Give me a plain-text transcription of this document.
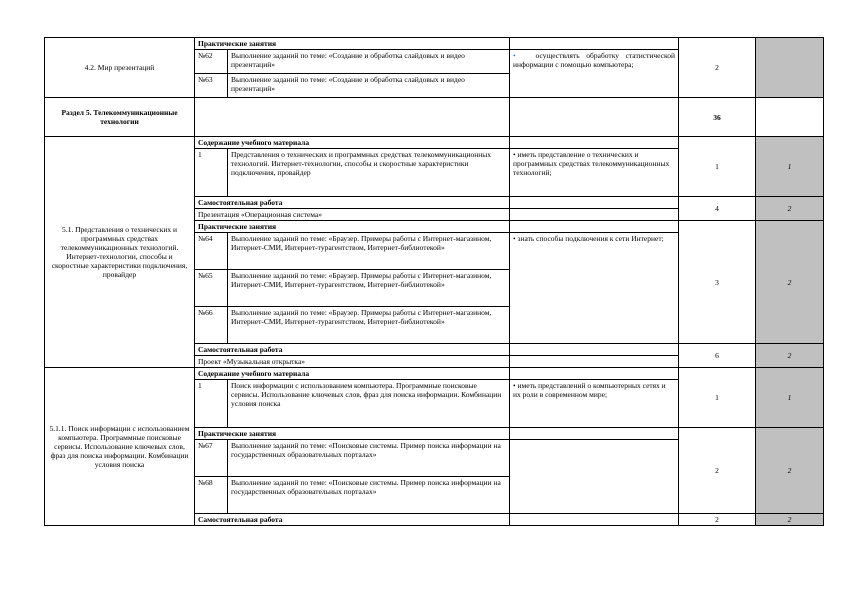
4.2. Мир презентаций	Практические занятия			2	
	№62	Выполнение заданий по теме: «Создание и обработка слайдовых и видео презентаций»	• осуществлять обработку статистической информации с помощью компьютера;		
	№63	Выполнение заданий по теме: «Создание и обработка слайдовых и видео презентаций»			
Раздел 5. Телекоммуникационные технологии				36	
5.1. Представления о технических и программных средствах телекоммуникационных технологий. Интернет-технологии, способы и скоростные характеристики подключения, провайдер	Содержание учебного материала			1	1
	1	Представления о технических и программных средствах телекоммуникационных технологий. Интернет-технологии, способы и скоростные характеристики подключения, провайдер	• иметь представление о технических и программных средствах телекоммуникационных технологий;		
	Самостоятельная работа			4	2
	Презентация «Операционная система»				
	Практические занятия			3	2
	№64	Выполнение заданий по теме: «Браузер. Примеры работы с Интернет-магазином, Интернет-СМИ, Интернет-турагентством, Интернет-библиотекой»	• знать способы подключения к сети Интернет;		
	№65	Выполнение заданий по теме: «Браузер. Примеры работы с Интернет-магазином, Интернет-СМИ, Интернет-турагентством, Интернет-библиотекой»			
	№66	Выполнение заданий по теме: «Браузер. Примеры работы с Интернет-магазином, Интернет-СМИ, Интернет-турагентством, Интернет-библиотекой»			
	Самостоятельная работа			6	2
	Проект «Музыкальная открытка»				
5.1.1. Поиск информации с использованием компьютера. Программные поисковые сервисы. Использование ключевых слов, фраз для поиска информации. Комбинации условия поиска	Содержание учебного материала			1	1
	1	Поиск информации с использованием компьютера. Программные поисковые сервисы. Использование ключевых слов, фраз для поиска информации. Комбинации условия поиска	• иметь представлений о компьютерных сетях и их роли в современном мире;		
	Практические занятия			2	2
	№67	Выполнение заданий по теме: «Поисковые системы. Пример поиска информации на государственных образовательных порталах»			
	№68	Выполнение заданий по теме: «Поисковые системы. Пример поиска информации на государственных образовательных порталах»			
	Самостоятельная работа			2	2
